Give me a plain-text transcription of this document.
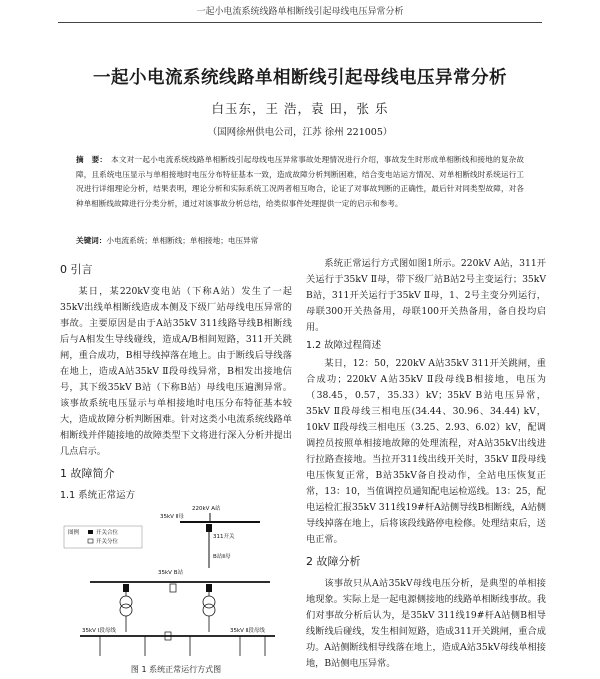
一起小电流系统线路单相断线引起母线电压异常分析
一起小电流系统线路单相断线引起母线电压异常分析
白玉东，王 浩，袁 田，张 乐
（国网徐州供电公司，江苏 徐州 221005）
摘　要： 本文对一起小电流系统线路单相断线引起母线电压异常事故处理情况进行介绍，事故发生时形成单相断线和接地的复杂故障，且系统电压显示与单相接地时电压分布特征基本一致，造成故障分析判断困难，结合变电站运方情况、对单相断线时系统运行工况进行详细理论分析，结果表明，理论分析和实际系统工况两者相互吻合，论证了对事故判断的正确性，最后针对同类型故障，对各种单相断线故障进行分类分析，通过对该事故分析总结，给类似事件处理提供一定的启示和参考。
关键词：小电流系统；单相断线；单相接地；电压异常
0 引言
某日，某220kV变电站（下称A站）发生了一起35kV出线单相断线造成本侧及下级厂站母线电压异常的事故。主要原因是由于A站35kV 311线路导线B相断线后与A相发生导线碰线，造成A/B相间短路，311开关跳闸，重合成功，B相导线掉落在地上。由于断线后导线落在地上，造成A站35kV Ⅱ段母线异常，B相发出接地信号，其下级35kV B站（下称B站）母线电压遍测异常。该事故系统电压显示与单相接地时电压分布特征基本较大，造成故障分析判断困难。针对这类小电流系统线路单相断线并伴随接地的故障类型下文将进行深入分析并提出几点启示。
1 故障简介
1.1 系统正常运方
220kV A站
35kV Ⅱ母
311开关
B站Ⅱ母
图例	开关合位
开关分位
35kV B站
35kV Ⅰ段母线	35kV Ⅱ段母线
图 1 系统正常运行方式图
系统正常运行方式图如图1所示。220kV A站，311开关运行于35kV Ⅱ母，带下级厂站B站2号主变运行；35kV B站，311开关运行于35kV Ⅱ母，1、2号主变分列运行，母联300开关热备用，母联100开关热备用，备自投均启用。
1.2 故障过程简述
某日，12：50，220kV A站35kV 311开关跳闸，重合成功；220kV A站35kV Ⅱ段母线B相接地，电压为（38.45，0.57，35.33）kV；35kV B站电压异常，35kV Ⅱ段母线三相电压(34.44、30.96、34.44) kV，10kV Ⅱ段母线三相电压（3.25、2.93、6.02）kV，配调调控员按照单相接地故障的处理流程，对A站35kV出线进行拉路查接地。当拉开311线出线开关时，35kV Ⅱ段母线电压恢复正常，B站35kV备自投动作，全站电压恢复正常，13：10，当值调控员通知配电运检巡线。13：25，配电运检汇报35kV 311线19#杆A站侧导线B相断线，A站侧导线掉落在地上，后将该段线路停电检修。处理结束后，送电正常。
2 故障分析
该事故只从A站35kV母线电压分析，是典型的单相接地现象。实际上是一起电源侧接地的线路单相断线事故。我们对事故分析后认为，是35kV 311线19#杆A站侧B相导线断线后碰线，发生相间短路，造成311开关跳闸，重合成功。A站侧断线相导线落在地上，造成A站35kV母线单相接地，B站侧电压异常。
